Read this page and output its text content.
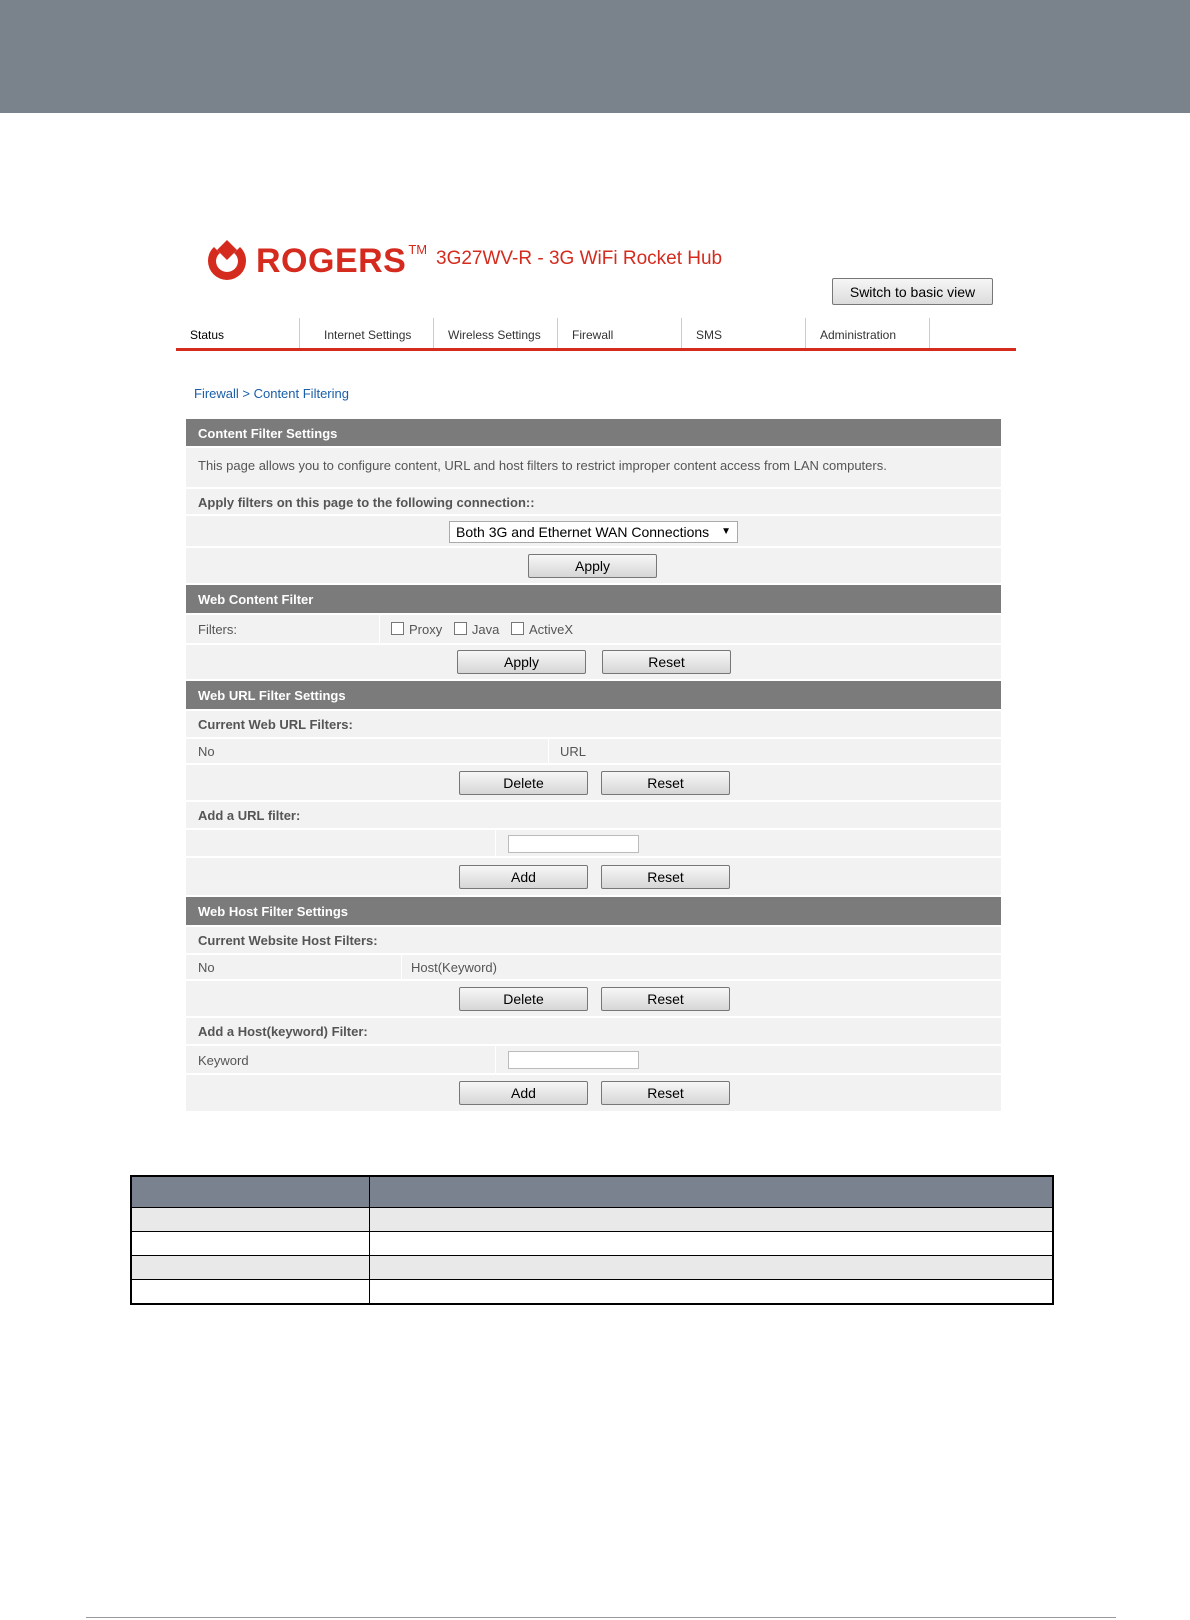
ROGERS TM 3G27WV-R - 3G WiFi Rocket Hub
Switch to basic view
Status	Internet Settings	Wireless Settings	Firewall	SMS	Administration
Firewall > Content Filtering
Content Filter Settings
This page allows you to configure content, URL and host filters to restrict improper content access from LAN computers.
Apply filters on this page to the following connection::
Both 3G and Ethernet WAN Connections ▼
Apply
Web Content Filter
Filters:	Proxy Java ActiveX
Apply	Reset
Web URL Filter Settings
Current Web URL Filters:
No	URL
Delete	Reset
Add a URL filter:
Add	Reset
Web Host Filter Settings
Current Website Host Filters:
No	Host(Keyword)
Delete	Reset
Add a Host(keyword) Filter:
Keyword
Add	Reset
